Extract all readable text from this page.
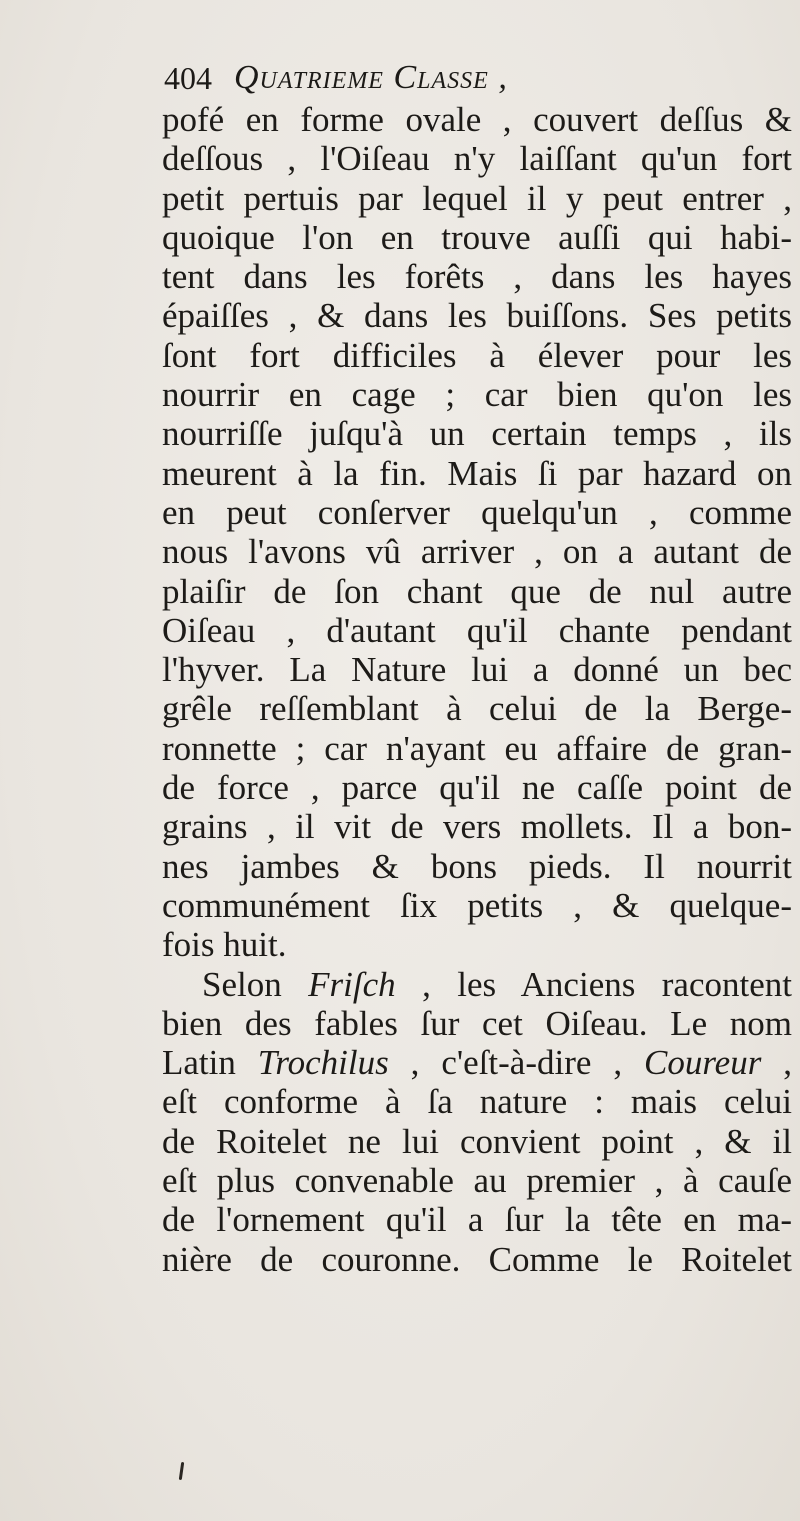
404 Quatrieme Classe ,
pofé en forme ovale , couvert deſſus &
deſſous , l'Oiſeau n'y laiſſant qu'un fort
petit pertuis par lequel il y peut entrer ,
quoique l'on en trouve auſſi qui habi-
tent dans les forêts , dans les hayes
épaiſſes , & dans les buiſſons. Ses petits
ſont fort difficiles à élever pour les
nourrir en cage ; car bien qu'on les
nourriſſe juſqu'à un certain temps , ils
meurent à la fin. Mais ſi par hazard on
en peut conſerver quelqu'un , comme
nous l'avons vû arriver , on a autant de
plaiſir de ſon chant que de nul autre
Oiſeau , d'autant qu'il chante pendant
l'hyver. La Nature lui a donné un bec
grêle reſſemblant à celui de la Berge-
ronnette ; car n'ayant eu affaire de gran-
de force , parce qu'il ne caſſe point de
grains , il vit de vers mollets. Il a bon-
nes jambes & bons pieds. Il nourrit
communément ſix petits , & quelque-
fois huit.
Selon Friſch , les Anciens racontent
bien des fables ſur cet Oiſeau. Le nom
Latin Trochilus , c'eſt-à-dire , Coureur ,
eſt conforme à ſa nature : mais celui
de Roitelet ne lui convient point , & il
eſt plus convenable au premier , à cauſe
de l'ornement qu'il a ſur la tête en ma-
nière de couronne. Comme le Roitelet
